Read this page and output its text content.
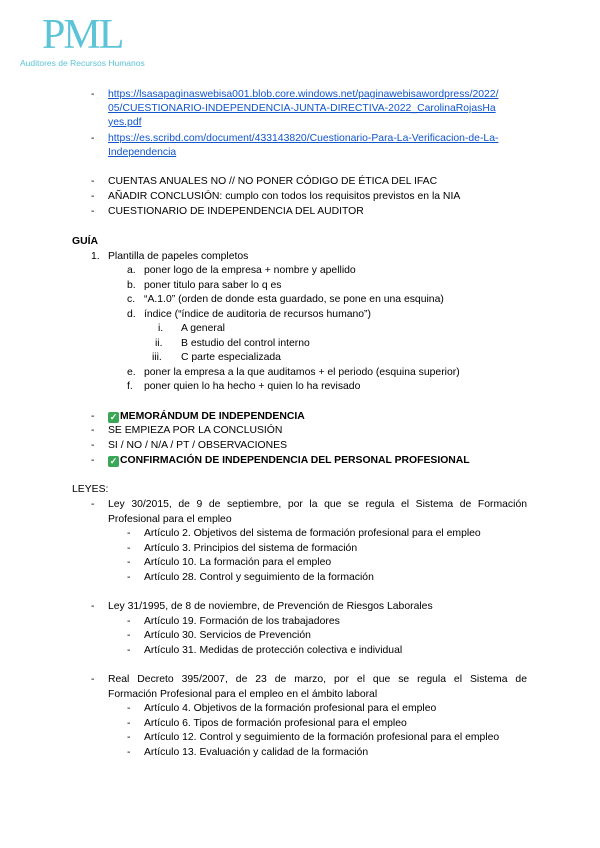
PML
Auditores de Recursos Humanos
- https://lsasapaginaswebisa001.blob.core.windows.net/paginawebisawordpress/2022/
05/CUESTIONARIO-INDEPENDENCIA-JUNTA-DIRECTIVA-2022_CarolinaRojasHa
yes.pdf
- https://es.scribd.com/document/433143820/Cuestionario-Para-La-Verificacion-de-La-
Independencia
- CUENTAS ANUALES NO // NO PONER CÓDIGO DE ÉTICA DEL IFAC
- AÑADIR CONCLUSIÓN: cumplo con todos los requisitos previstos en la NIA
- CUESTIONARIO DE INDEPENDENCIA DEL AUDITOR
GUÍA
1. Plantilla de papeles completos
a. poner logo de la empresa + nombre y apellido
b. poner titulo para saber lo q es
c. “A.1.0” (orden de donde esta guardado, se pone en una esquina)
d. índice (“índice de auditoria de recursos humano”)
i. A general
ii. B estudio del control interno
iii. C parte especializada
e. poner la empresa a la que auditamos + el periodo (esquina superior)
f. poner quien lo ha hecho + quien lo ha revisado
- ✓ MEMORÁNDUM DE INDEPENDENCIA
- SE EMPIEZA POR LA CONCLUSIÓN
- SI / NO / N/A / PT / OBSERVACIONES
- ✓ CONFIRMACIÓN DE INDEPENDENCIA DEL PERSONAL PROFESIONAL
LEYES:
- Ley 30/2015, de 9 de septiembre, por la que se regula el Sistema de Formación
Profesional para el empleo
- Artículo 2. Objetivos del sistema de formación profesional para el empleo
- Artículo 3. Principios del sistema de formación
- Artículo 10. La formación para el empleo
- Artículo 28. Control y seguimiento de la formación
- Ley 31/1995, de 8 de noviembre, de Prevención de Riesgos Laborales
- Artículo 19. Formación de los trabajadores
- Artículo 30. Servicios de Prevención
- Artículo 31. Medidas de protección colectiva e individual
- Real Decreto 395/2007, de 23 de marzo, por el que se regula el Sistema de
Formación Profesional para el empleo en el ámbito laboral
- Artículo 4. Objetivos de la formación profesional para el empleo
- Artículo 6. Tipos de formación profesional para el empleo
- Artículo 12. Control y seguimiento de la formación profesional para el empleo
- Artículo 13. Evaluación y calidad de la formación
